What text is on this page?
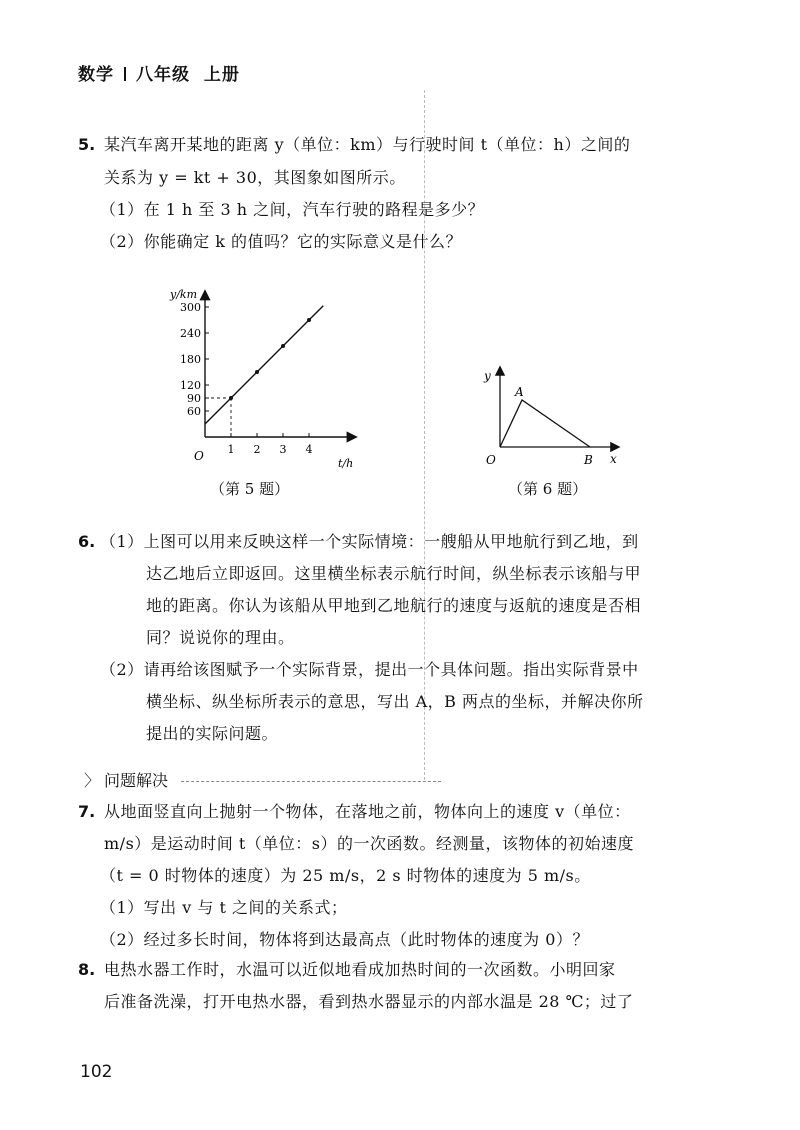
数学 八年级 上册
5. 某汽车离开某地的距离 y（单位：km）与行驶时间 t（单位：h）之间的
关系为 y = kt + 30，其图象如图所示。
（1）在 1 h 至 3 h 之间，汽车行驶的路程是多少？
（2）你能确定 k 的值吗？它的实际意义是什么？
60
90
120
180
240
300
1 2 3 4
y/km
t/h
O
（第 5 题）
y
x
O
A
B
（第 6 题）
6. （1）上图可以用来反映这样一个实际情境：一艘船从甲地航行到乙地，到
达乙地后立即返回。这里横坐标表示航行时间，纵坐标表示该船与甲
地的距离。你认为该船从甲地到乙地航行的速度与返航的速度是否相
同？说说你的理由。
（2）请再给该图赋予一个实际背景，提出一个具体问题。指出实际背景中
横坐标、纵坐标所表示的意思，写出 A，B 两点的坐标，并解决你所
提出的实际问题。
〉 问题解决
7. 从地面竖直向上抛射一个物体，在落地之前，物体向上的速度 v（单位：
m/s）是运动时间 t（单位：s）的一次函数。经测量，该物体的初始速度
（t = 0 时物体的速度）为 25 m/s，2 s 时物体的速度为 5 m/s。
（1）写出 v 与 t 之间的关系式；
（2）经过多长时间，物体将到达最高点（此时物体的速度为 0）？
8. 电热水器工作时，水温可以近似地看成加热时间的一次函数。小明回家
后准备洗澡，打开电热水器，看到热水器显示的内部水温是 28 ℃；过了
102
